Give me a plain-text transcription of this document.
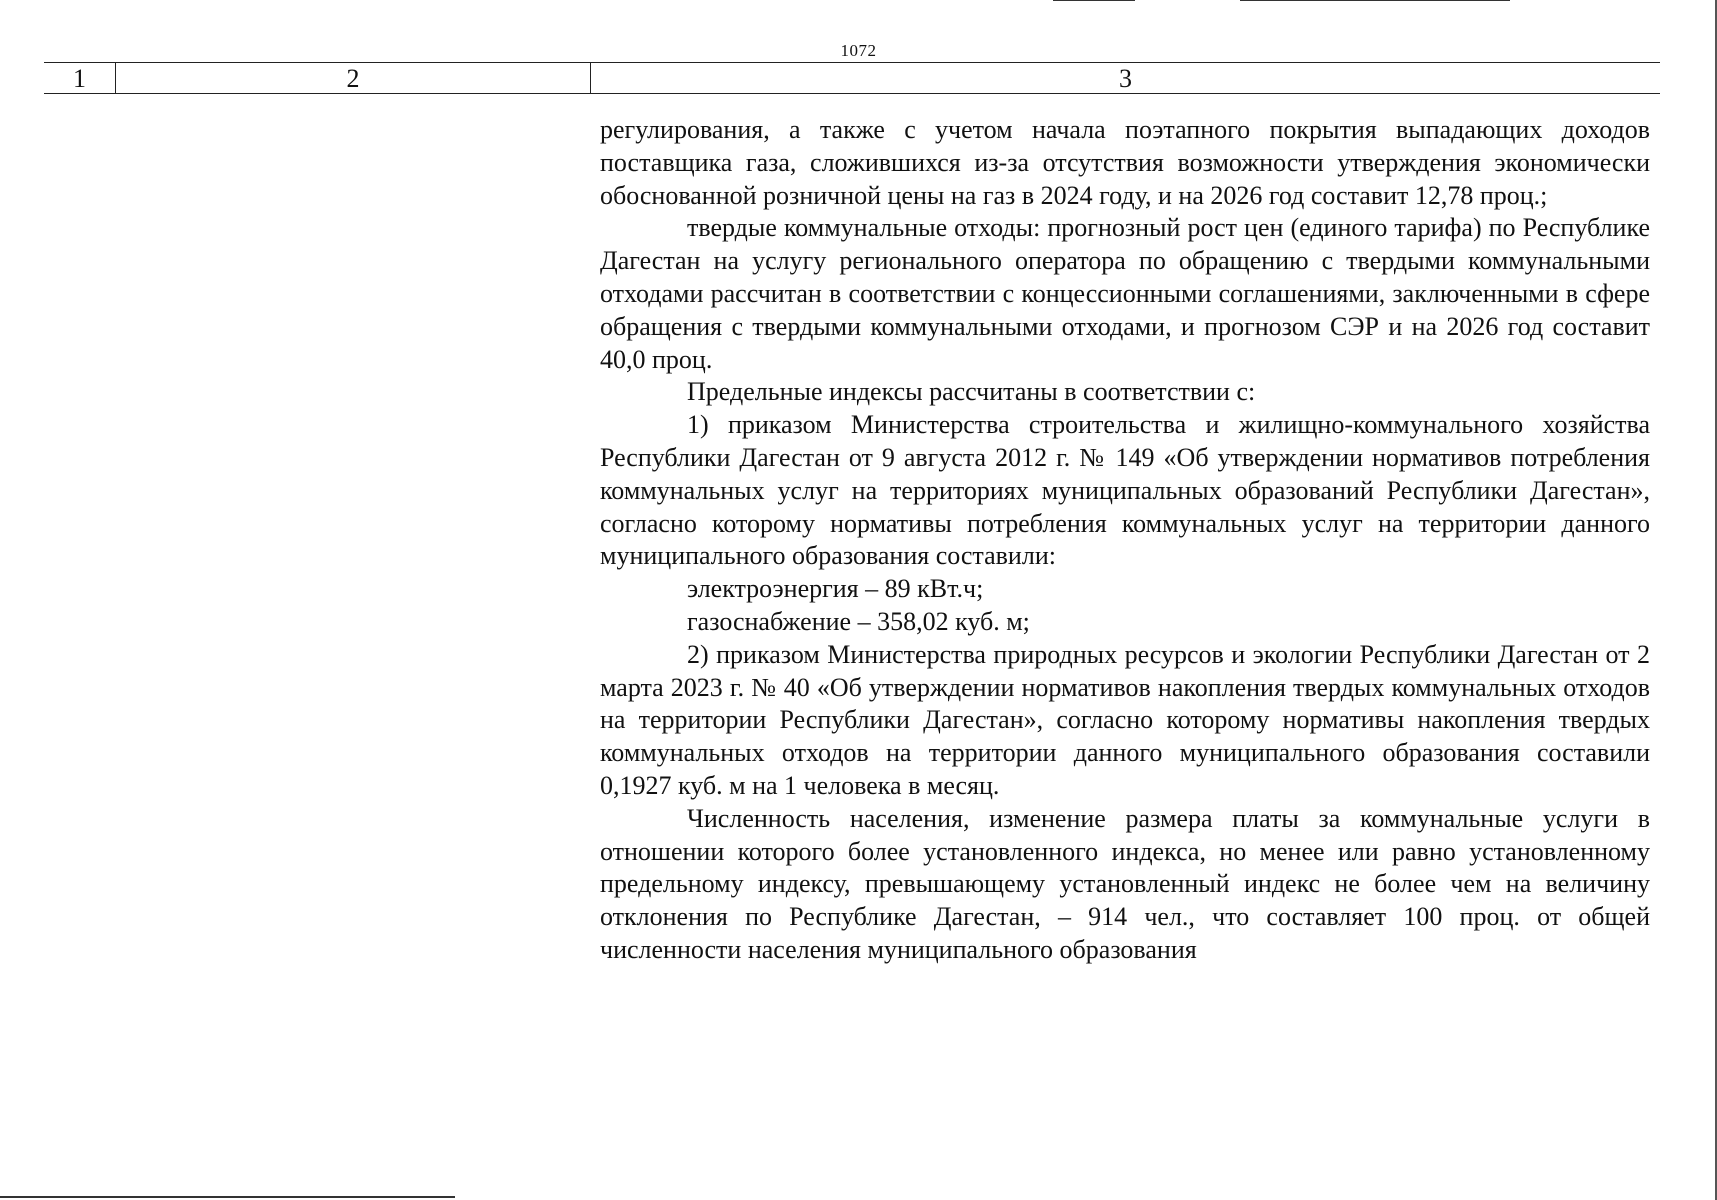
1072
1	2	3

регулирования, а также с учетом начала поэтапного покрытия выпадающих доходов поставщика газа, сложившихся из-за отсутствия возможности утверждения экономически обоснованной розничной цены на газ в 2024 году, и на 2026 год составит 12,78 проц.;

твердые коммунальные отходы: прогнозный рост цен (единого тарифа) по Республике Дагестан на услугу регионального оператора по обращению с твердыми коммунальными отходами рассчитан в соответствии с концессионными соглашениями, заключенными в сфере обращения с твердыми коммунальными отходами, и прогнозом СЭР и на 2026 год составит 40,0 проц.

Предельные индексы рассчитаны в соответствии с:

1) приказом Министерства строительства и жилищно-коммунального хозяйства Республики Дагестан от 9 августа 2012 г. № 149 «Об утверждении нормативов потребления коммунальных услуг на территориях муниципальных образований Республики Дагестан», согласно которому нормативы потребления коммунальных услуг на территории данного муниципального образования составили:

электроэнергия – 89 кВт.ч;

газоснабжение – 358,02 куб. м;

2) приказом Министерства природных ресурсов и экологии Республики Дагестан от 2 марта 2023 г. № 40 «Об утверждении нормативов накопления твердых коммунальных отходов на территории Республики Дагестан», согласно которому нормативы накопления твердых коммунальных отходов на территории данного муниципального образования составили 0,1927 куб. м на 1 человека в месяц.

Численность населения, изменение размера платы за коммунальные услуги в отношении которого более установленного индекса, но менее или равно установленному предельному индексу, превышающему установленный индекс не более чем на величину отклонения по Республике Дагестан, – 914 чел., что составляет 100 проц. от общей численности населения муниципального образования
